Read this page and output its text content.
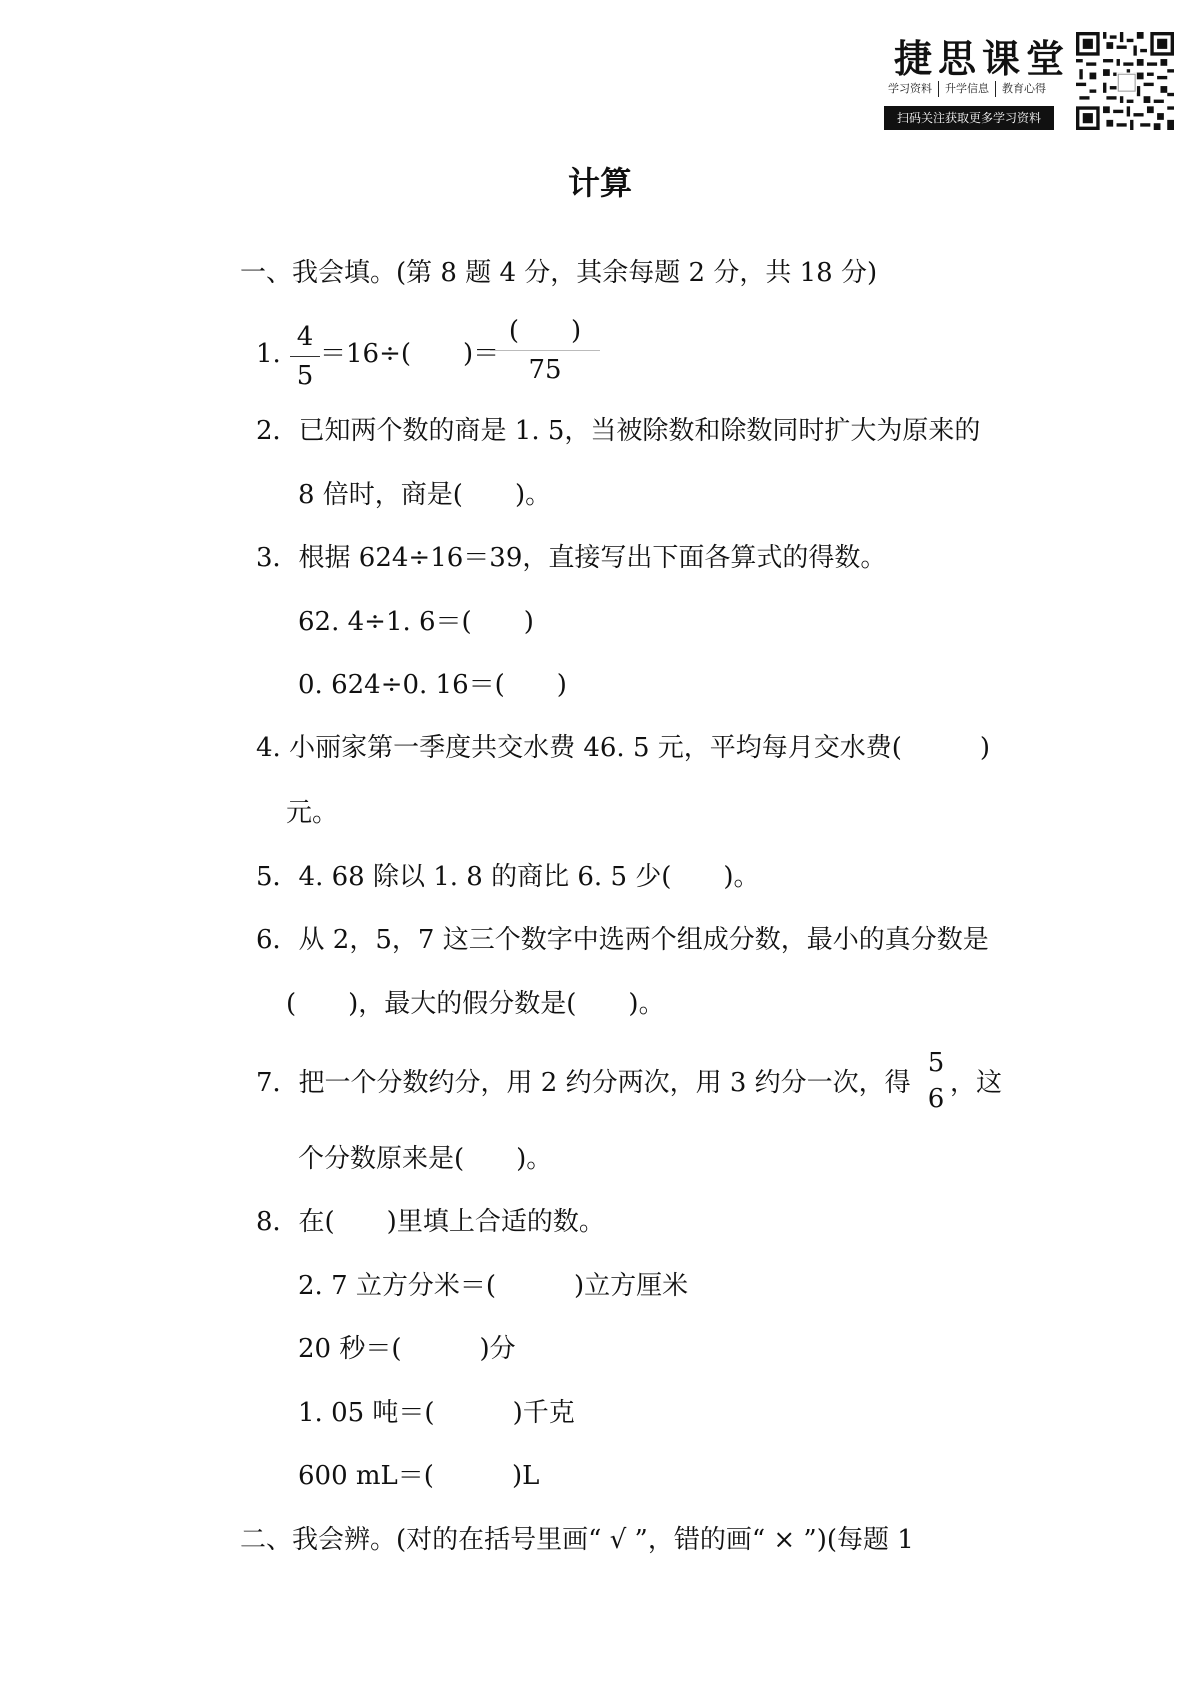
捷思课堂
学习资料 升学信息 教育心得
扫码关注获取更多学习资料
计算
一、我会填。(第 8 题 4 分，其余每题 2 分，共 18 分)
1.
4
5
＝16÷(　　)＝
(　　)
75
2．已知两个数的商是 1. 5，当被除数和除数同时扩大为原来的
8 倍时，商是(　　)。
3．根据 624÷16＝39，直接写出下面各算式的得数。
62. 4÷1. 6＝(　　)
0. 624÷0. 16＝(　　)
4. 小丽家第一季度共交水费 46. 5 元，平均每月交水费(　　　)
元。
5．4. 68 除以 1. 8 的商比 6. 5 少(　　)。
6．从 2，5，7 这三个数字中选两个组成分数，最小的真分数是
(　　)，最大的假分数是(　　)。
7．把一个分数约分，用 2 约分两次，用 3 约分一次，得
5
6
，这
个分数原来是(　　)。
8．在(　　)里填上合适的数。
2. 7 立方分米＝(　　　)立方厘米
20 秒＝(　　　)分
1. 05 吨＝(　　　)千克
600 mL＝(　　　)L
二、我会辨。(对的在括号里画“ √ ”，错的画“ × ”)(每题 1
